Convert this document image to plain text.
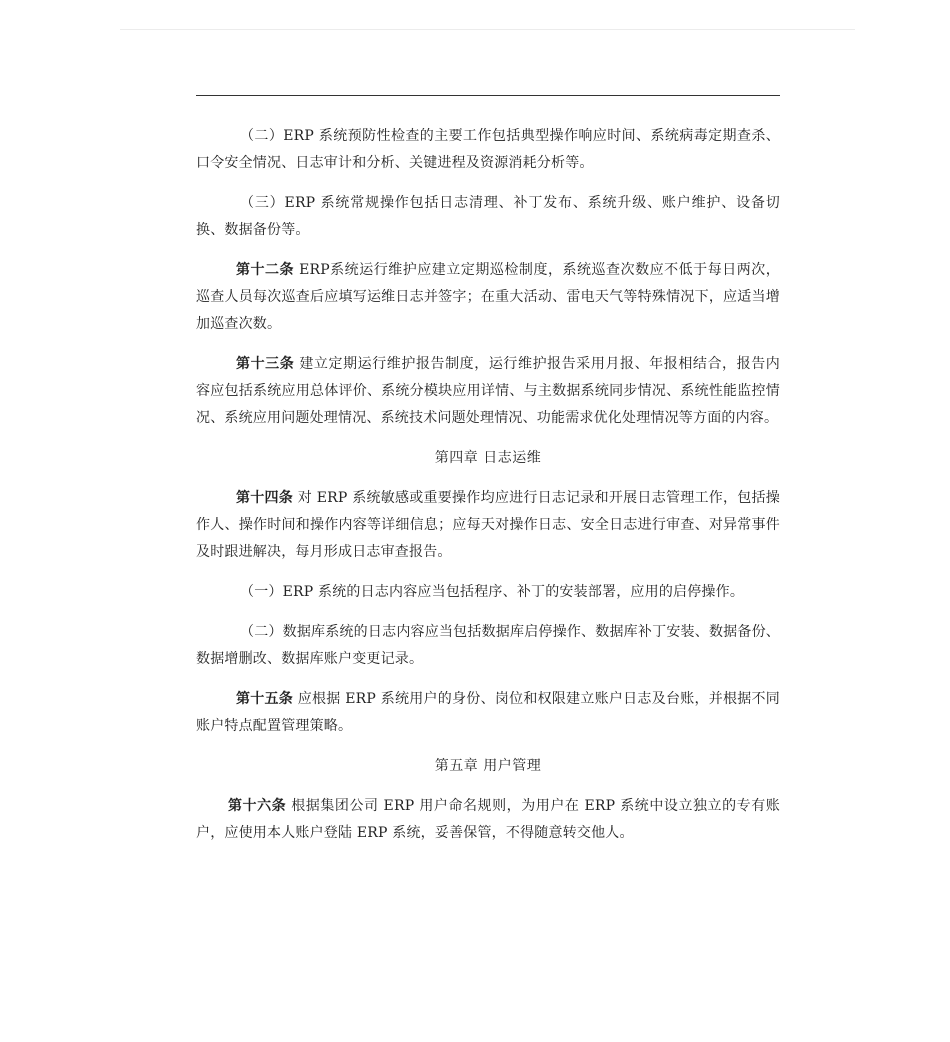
（二）ERP 系统预防性检查的主要工作包括典型操作响应时间、系统病毒定期查杀、口令安全情况、日志审计和分析、关键进程及资源消耗分析等。

（三）ERP 系统常规操作包括日志清理、补丁发布、系统升级、账户维护、设备切换、数据备份等。

第十二条 ERP系统运行维护应建立定期巡检制度，系统巡查次数应不低于每日两次，巡查人员每次巡查后应填写运维日志并签字；在重大活动、雷电天气等特殊情况下，应适当增加巡查次数。

第十三条 建立定期运行维护报告制度，运行维护报告采用月报、年报相结合，报告内容应包括系统应用总体评价、系统分模块应用详情、与主数据系统同步情况、系统性能监控情况、系统应用问题处理情况、系统技术问题处理情况、功能需求优化处理情况等方面的内容。

第四章 日志运维

第十四条 对 ERP 系统敏感或重要操作均应进行日志记录和开展日志管理工作，包括操作人、操作时间和操作内容等详细信息；应每天对操作日志、安全日志进行审查、对异常事件及时跟进解决，每月形成日志审查报告。

（一）ERP 系统的日志内容应当包括程序、补丁的安装部署，应用的启停操作。

（二）数据库系统的日志内容应当包括数据库启停操作、数据库补丁安装、数据备份、数据增删改、数据库账户变更记录。

第十五条 应根据 ERP 系统用户的身份、岗位和权限建立账户日志及台账，并根据不同账户特点配置管理策略。

第五章 用户管理

第十六条 根据集团公司 ERP 用户命名规则，为用户在 ERP 系统中设立独立的专有账户，应使用本人账户登陆 ERP 系统，妥善保管，不得随意转交他人。
